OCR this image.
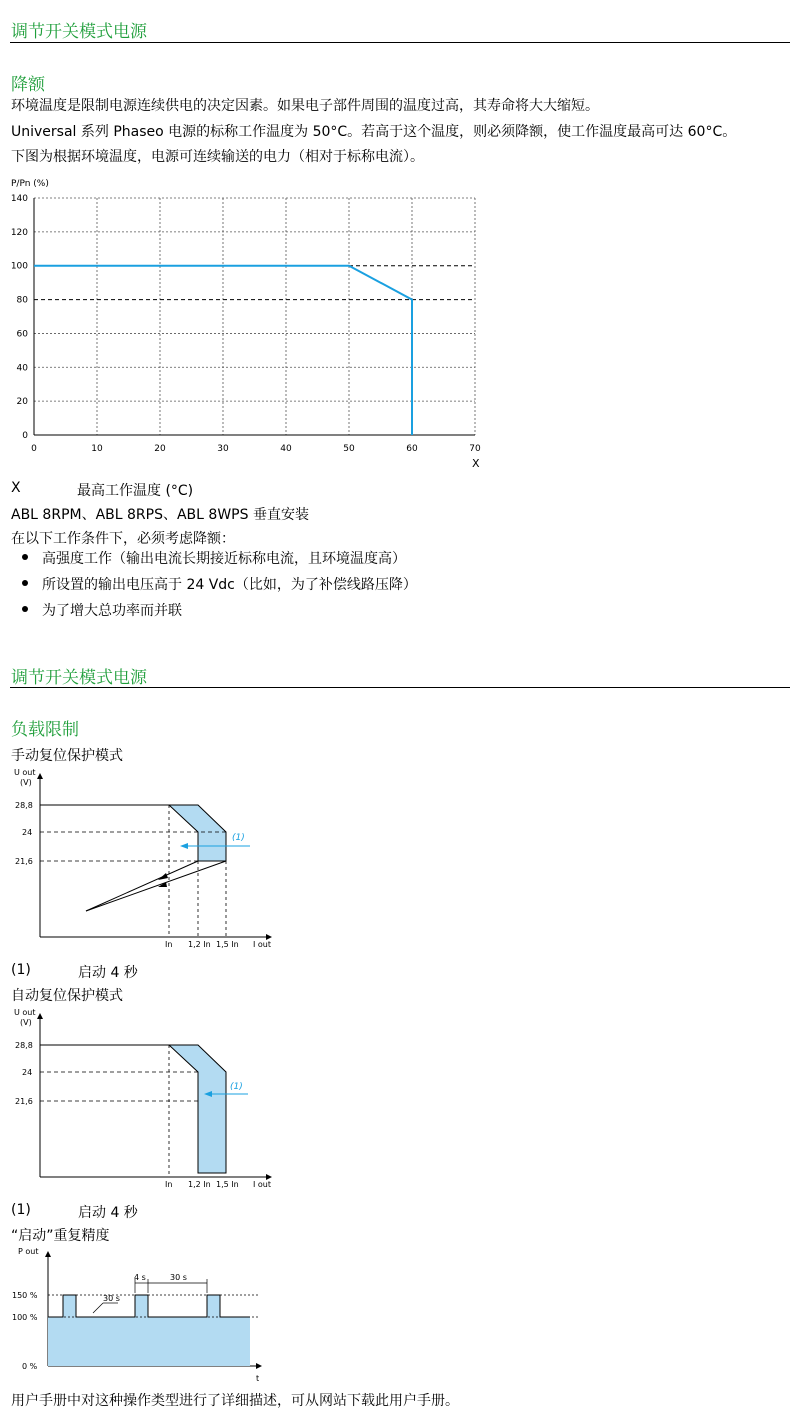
调节开关模式电源
降额
环境温度是限制电源连续供电的决定因素。如果电子部件周围的温度过高，其寿命将大大缩短。
Universal 系列 Phaseo 电源的标称工作温度为 50°C。若高于这个温度，则必须降额，使工作温度最高可达 60°C。
下图为根据环境温度，电源可连续输送的电力（相对于标称电流）。
P/Pn (%)
X
0	10	20	30	40	50	60	70
0
20
40
60
80
100
120
140
X	最高工作温度 (°C)
ABL 8RPM、ABL 8RPS、ABL 8WPS 垂直安装
在以下工作条件下，必须考虑降额：
高强度工作（输出电流长期接近标称电流，且环境温度高）
所设置的输出电压高于 24 Vdc（比如，为了补偿线路压降）
为了增大总功率而并联
调节开关模式电源
负载限制
手动复位保护模式
U out
(V)
(1)
28,8
24
21,6
In 1,2 In 1,5 In I out
(1)	启动 4 秒
自动复位保护模式
U out
(V)
(1)
28,8
24
21,6
In 1,2 In 1,5 In I out
(1)	启动 4 秒
“启动”重复精度
P out
150 %
100 %
0 %
t
30 s
4 s	30 s
用户手册中对这种操作类型进行了详细描述，可从网站下载此用户手册。
